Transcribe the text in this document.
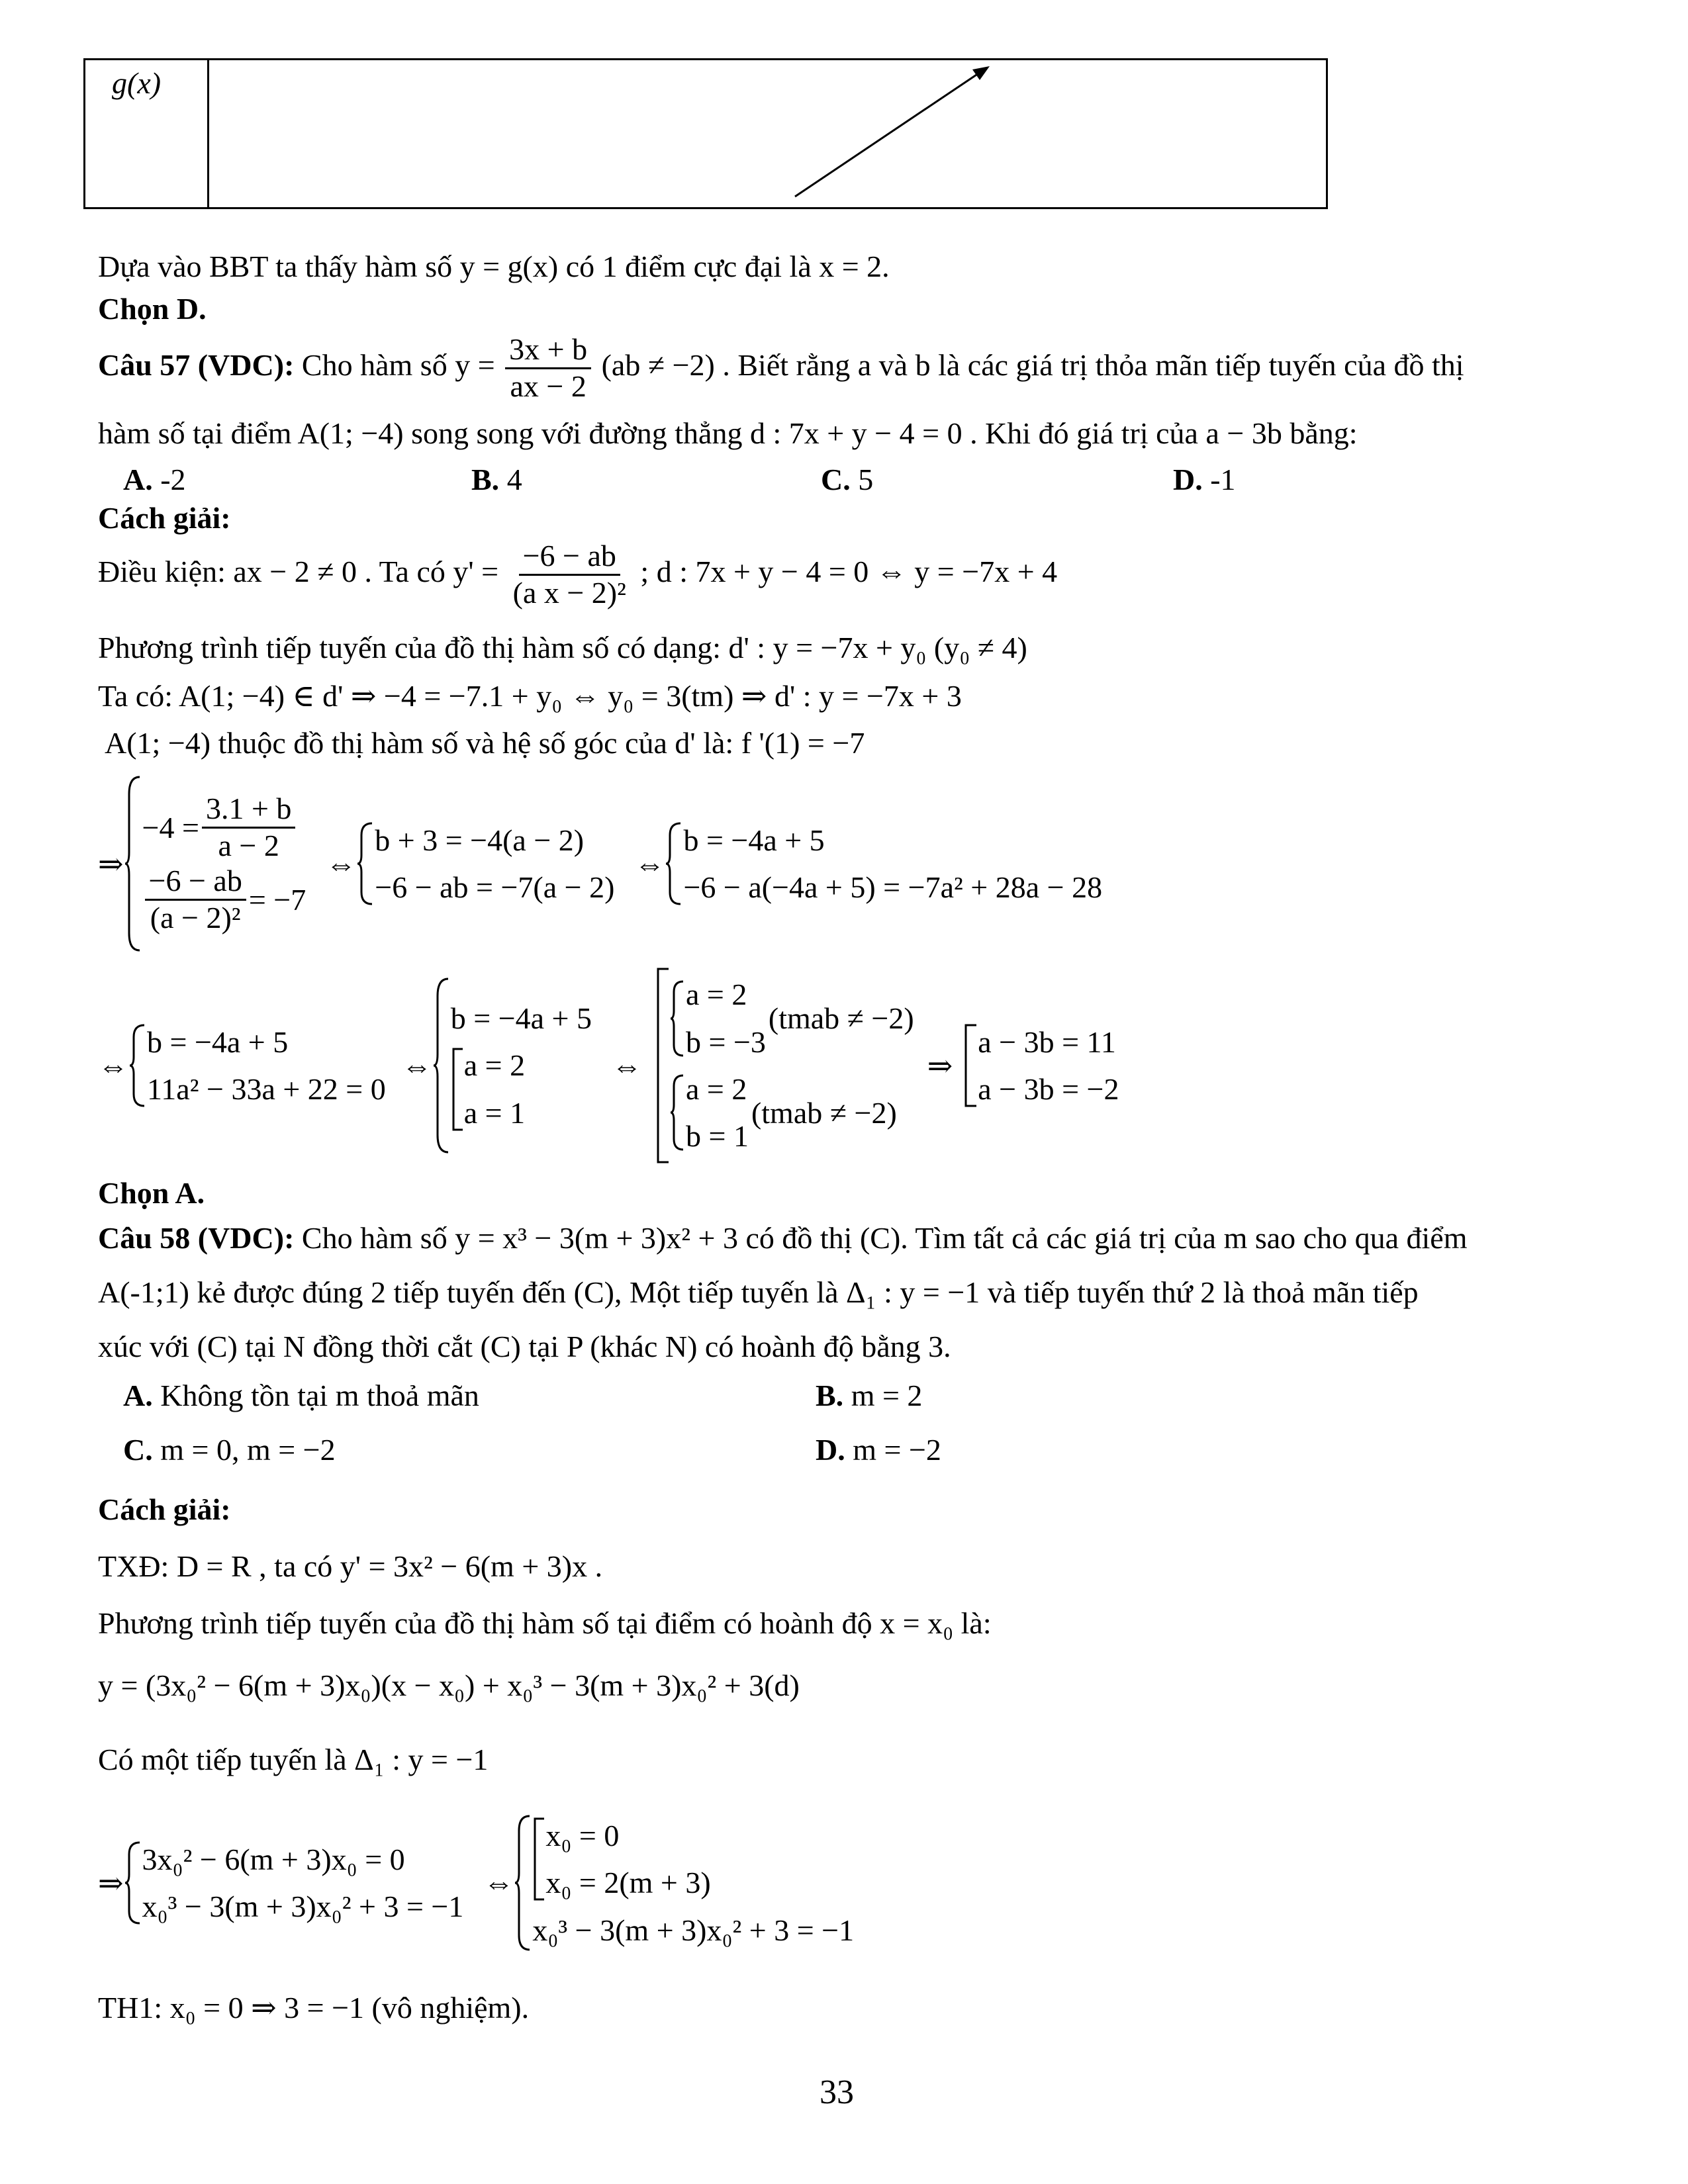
g(x)
Dựa vào BBT ta thấy hàm số y = g(x) có 1 điểm cực đại là x = 2.
Chọn D.
Câu 57 (VDC): Cho hàm số $y = \frac{3x + b}{ax - 2} (ab \ne -2)$ . Biết rằng a và b là các giá trị thỏa mãn tiếp tuyến của đồ thị
hàm số tại điểm A(1; −4) song song với đường thẳng d : 7x + y − 4 = 0 . Khi đó giá trị của a − 3b bằng:
A. -2	B. 4	C. 5	D. -1
Cách giải:
Điều kiện: ax − 2 ≠ 0 . Ta có $y' = \frac{-6 - ab}{\text{(a x − 2)²}}$ ; d : 7x + y − 4 = 0 ⇔ y = −7x + 4
Phương trình tiếp tuyến của đồ thị hàm số có dạng: d' : y = −7x + y₀ (y₀ ≠ 4)
Ta có: A(1; −4) ∈ d' ⇒ −4 = −7.1 + y₀ ⇔ y₀ = 3(tm) ⇒ d' : y = −7x + 3
A(1; −4) thuộc đồ thị hàm số và hệ số góc của d' là: f '(1) = −7
⇒
$-4 = \frac{3.1 + b}{a - 2}$
$\frac{-6 - ab}{\text{(a − 2)²}} = -7$
⇔
b + 3 = −4(a − 2)
−6 − ab = −7(a − 2)
⇔
b = −4a + 5
−6 − a(−4a + 5) = −7a² + 28a − 28
⇔
b = −4a + 5
11a² − 33a + 22 = 0
⇔
b = −4a + 5
a = 2
a = 1
⇔
a = 2
b = −3
(tmab ≠ −2)
a = 2
b = 1
(tmab ≠ −2)
⇒
a − 3b = 11
a − 3b = −2
Chọn A.
Câu 58 (VDC): Cho hàm số y = x³ − 3(m + 3)x² + 3 có đồ thị (C). Tìm tất cả các giá trị của m sao cho qua điểm
A(-1;1) kẻ được đúng 2 tiếp tuyến đến (C), Một tiếp tuyến là Δ₁ : y = −1 và tiếp tuyến thứ 2 là thoả mãn tiếp
xúc với (C) tại N đồng thời cắt (C) tại P (khác N) có hoành độ bằng 3.
A. Không tồn tại m thoả mãn	B. m = 2
C. m = 0, m = −2	D. m = −2
Cách giải:
TXĐ: D = R , ta có y' = 3x² − 6(m + 3)x .
Phương trình tiếp tuyến của đồ thị hàm số tại điểm có hoành độ x = x₀ là:
y = (3x₀² − 6(m + 3)x₀)(x − x₀) + x₀³ − 3(m + 3)x₀² + 3(d)
Có một tiếp tuyến là Δ₁ : y = −1
⇒
3x₀² − 6(m + 3)x₀ = 0
x₀³ − 3(m + 3)x₀² + 3 = −1
⇔
x₀ = 0
x₀ = 2(m + 3)
x₀³ − 3(m + 3)x₀² + 3 = −1
TH1: x₀ = 0 ⇒ 3 = −1 (vô nghiệm).
33
